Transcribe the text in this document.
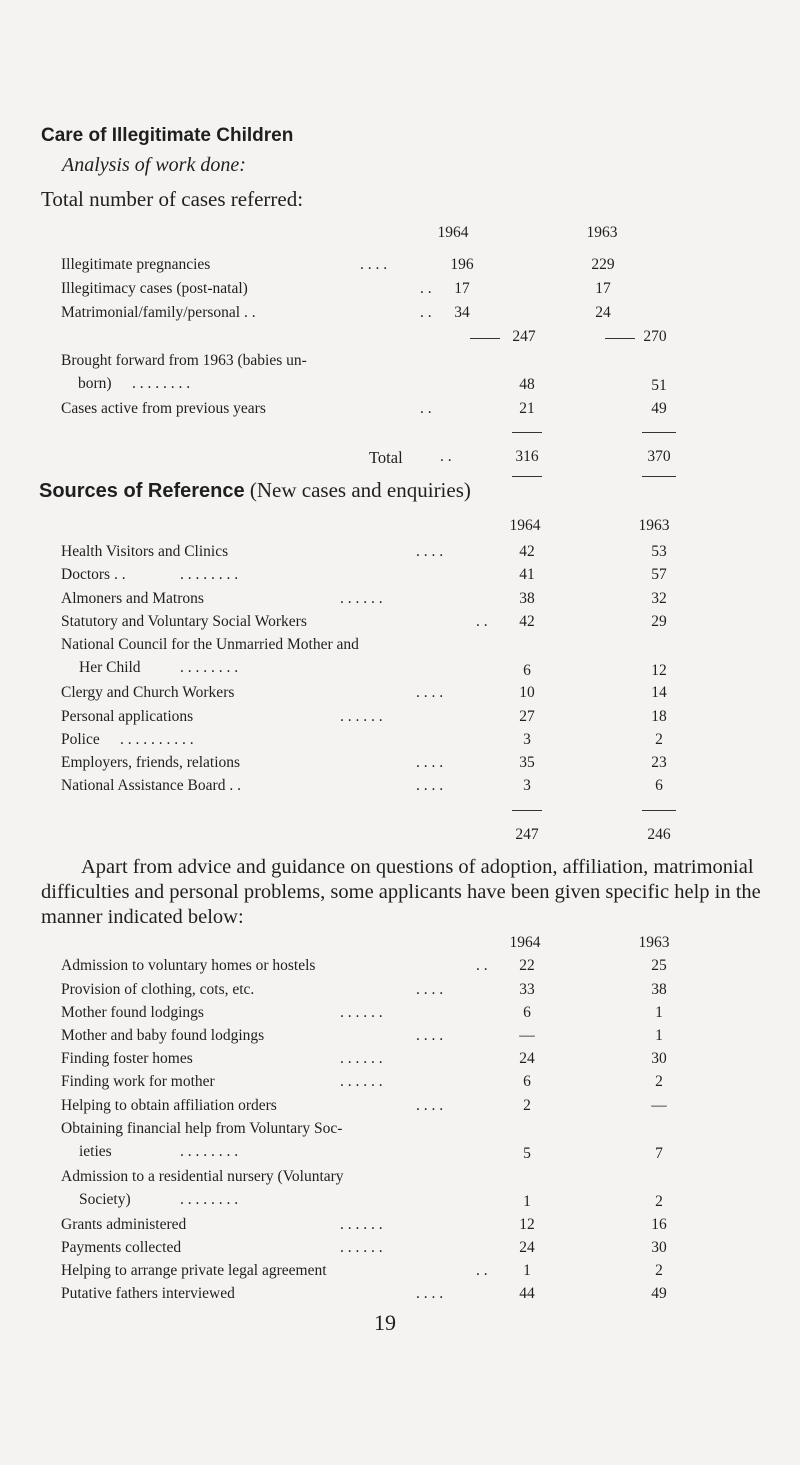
Care of Illegitimate Children
Analysis of work done:
Total number of cases referred:
1964	1963
Illegitimate pregnancies	. . . .	196	229
Illegitimacy cases (post-natal)	. .	17	17
Matrimonial/family/personal . .	. .	34	24
247	270
Brought forward from 1963 (babies un-
born) . . . . . . . .	48	51
Cases active from previous years	. .	21	49
Total . .	316	370
Sources of Reference (New cases and enquiries)
1964	1963
Health Visitors and Clinics	. . . .	42	53
Doctors . .	. . . . . . . .	41	57
Almoners and Matrons	. . . . . .	38	32
Statutory and Voluntary Social Workers	. .	42	29
National Council for the Unmarried Mother and
Her Child	. . . . . . . .	6	12
Clergy and Church Workers	. . . .	10	14
Personal applications	. . . . . .	27	18
Police . . . . . . . . . .	3	2
Employers, friends, relations	. . . .	35	23
National Assistance Board . .	. . . .	3	6
247	246
Apart from advice and guidance on questions of adoption, affiliation, matrimonial difficulties and personal problems, some applicants have been given specific help in the manner indicated below:
1964	1963
Admission to voluntary homes or hostels	. .	22	25
Provision of clothing, cots, etc.	. . . .	33	38
Mother found lodgings	. . . . . .	6	1
Mother and baby found lodgings	. . . .	—	1
Finding foster homes	. . . . . .	24	30
Finding work for mother	. . . . . .	6	2
Helping to obtain affiliation orders	. . . .	2	—
Obtaining financial help from Voluntary Soc-
ieties	. . . . . . . .	5	7
Admission to a residential nursery (Voluntary
Society)	. . . . . . . .	1	2
Grants administered	. . . . . .	12	16
Payments collected	. . . . . .	24	30
Helping to arrange private legal agreement	. .	1	2
Putative fathers interviewed	. . . .	44	49
19
